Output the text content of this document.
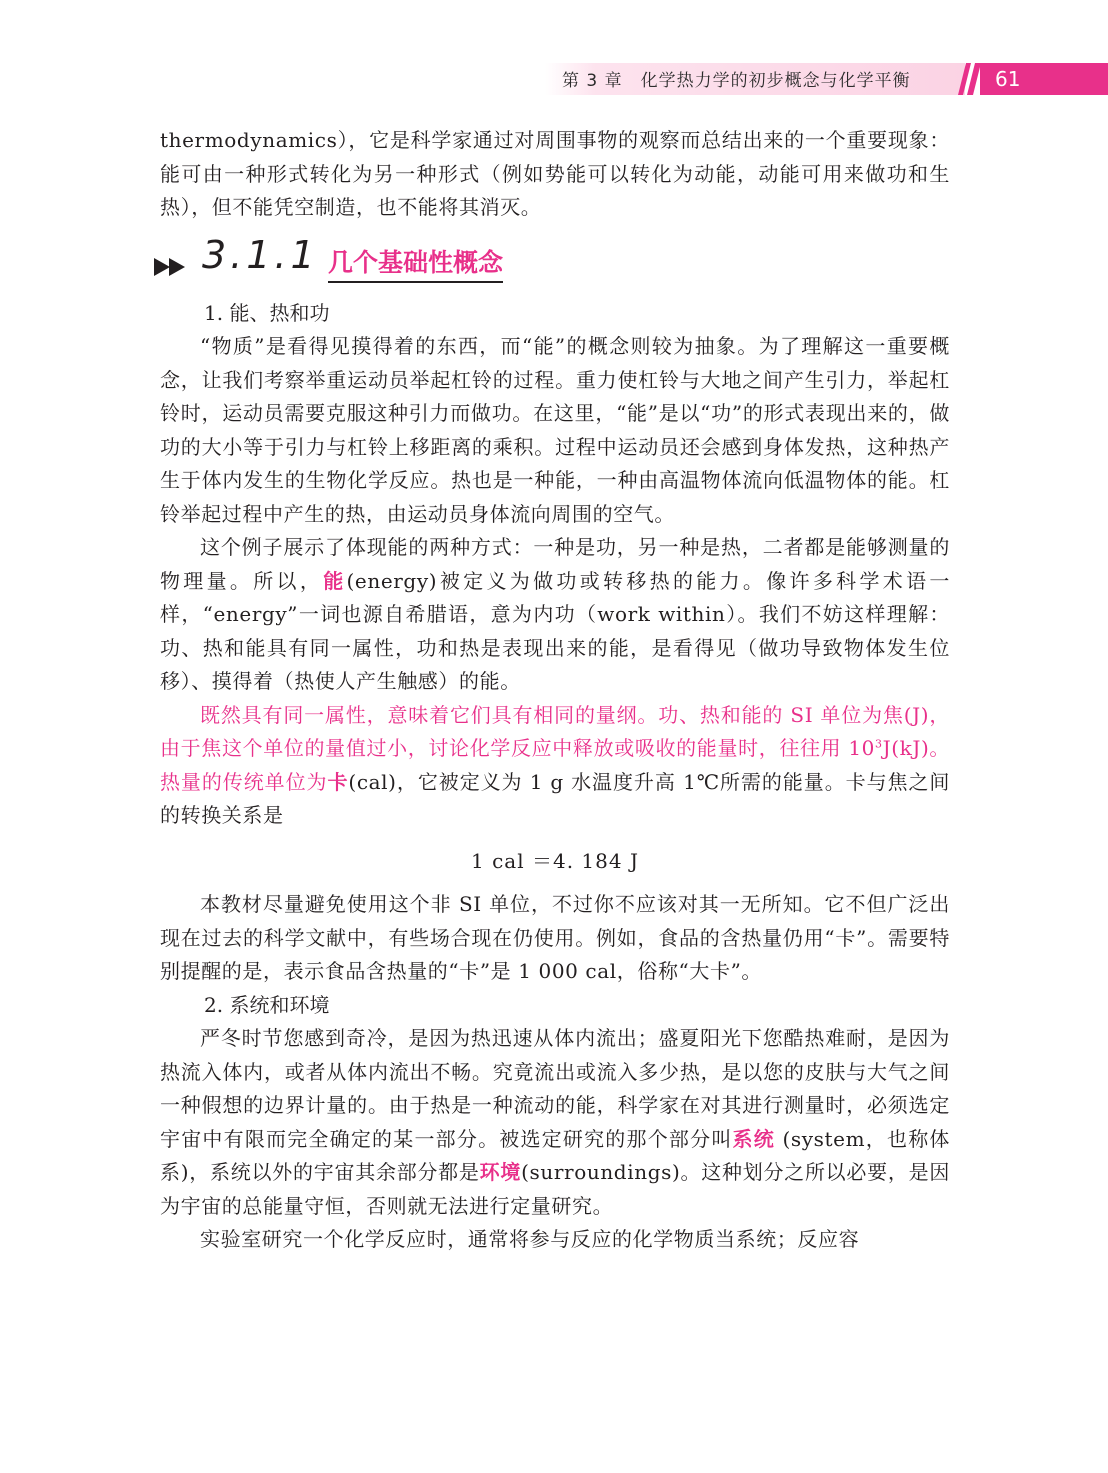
第 3 章 化学热力学的初步概念与化学平衡	61

thermodynamics），它是科学家通过对周围事物的观察而总结出来的一个重要现象：能可由一种形式转化为另一种形式（例如势能可以转化为动能，动能可用来做功和生热），但不能凭空制造，也不能将其消灭。

3.1.1 几个基础性概念
1. 能、热和功

“物质”是看得见摸得着的东西，而“能”的概念则较为抽象。为了理解这一重要概念，让我们考察举重运动员举起杠铃的过程。重力使杠铃与大地之间产生引力，举起杠铃时，运动员需要克服这种引力而做功。在这里，“能”是以“功”的形式表现出来的，做功的大小等于引力与杠铃上移距离的乘积。过程中运动员还会感到身体发热，这种热产生于体内发生的生物化学反应。热也是一种能，一种由高温物体流向低温物体的能。杠铃举起过程中产生的热，由运动员身体流向周围的空气。

这个例子展示了体现能的两种方式：一种是功，另一种是热，二者都是能够测量的物理量。所以，能(energy)被定义为做功或转移热的能力。像许多科学术语一样，“energy”一词也源自希腊语，意为内功（work within）。我们不妨这样理解：功、热和能具有同一属性，功和热是表现出来的能，是看得见（做功导致物体发生位移）、摸得着（热使人产生触感）的能。

既然具有同一属性，意味着它们具有相同的量纲。功、热和能的 SI 单位为焦(J)，由于焦这个单位的量值过小，讨论化学反应中释放或吸收的能量时，往往用 $10^3J(kJ)$。热量的传统单位为卡(cal)，它被定义为 1 g 水温度升高 1℃所需的能量。卡与焦之间的转换关系是

1 cal ＝4. 184 J

本教材尽量避免使用这个非 SI 单位，不过你不应该对其一无所知。它不但广泛出现在过去的科学文献中，有些场合现在仍使用。例如，食品的含热量仍用“卡”。需要特别提醒的是，表示食品含热量的“卡”是 1 000 cal，俗称“大卡”。

2. 系统和环境

严冬时节您感到奇冷，是因为热迅速从体内流出；盛夏阳光下您酷热难耐，是因为热流入体内，或者从体内流出不畅。究竟流出或流入多少热，是以您的皮肤与大气之间一种假想的边界计量的。由于热是一种流动的能，科学家在对其进行测量时，必须选定宇宙中有限而完全确定的某一部分。被选定研究的那个部分叫系统 (system，也称体系)，系统以外的宇宙其余部分都是环境(surroundings)。这种划分之所以必要，是因为宇宙的总能量守恒，否则就无法进行定量研究。

实验室研究一个化学反应时，通常将参与反应的化学物质当系统；反应容
